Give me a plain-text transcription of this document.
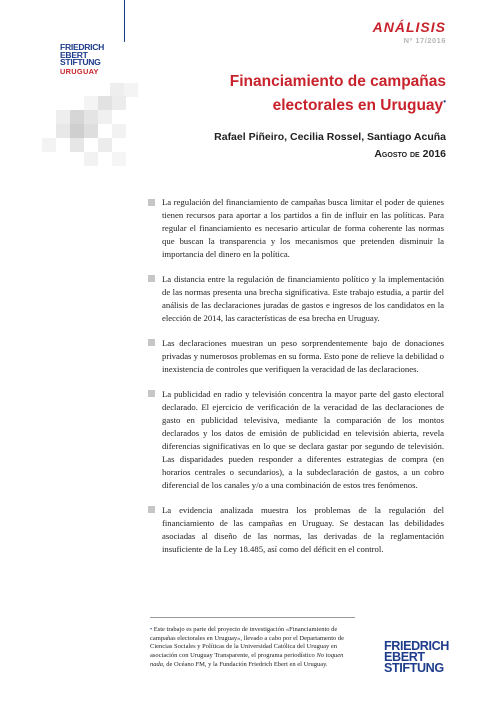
FRIEDRICH
EBERT
STIFTUNG
URUGUAY
ANÁLISIS
Nº 17/2016
Financiamiento de campañas
electorales en Uruguay•
Rafael Piñeiro, Cecilia Rossel, Santiago Acuña
Agosto de 2016
La regulación del financiamiento de campañas busca limitar el poder de quienes tienen recursos para aportar a los partidos a fin de influir en las políticas. Para regular el financiamiento es necesario articular de forma coherente las normas que buscan la transparencia y los mecanismos que pretenden disminuir la importancia del dinero en la política.
La distancia entre la regulación de financiamiento político y la implementación de las normas presenta una brecha significativa. Este trabajo estudia, a partir del análisis de las declaraciones juradas de gastos e ingresos de los candidatos en la elección de 2014, las características de esa brecha en Uruguay.
Las declaraciones muestran un peso sorprendentemente bajo de donaciones privadas y numerosos problemas en su forma. Esto pone de relieve la debilidad o inexistencia de controles que verifiquen la veracidad de las declaraciones.
La publicidad en radio y televisión concentra la mayor parte del gasto electoral declarado. El ejercicio de verificación de la veracidad de las declaraciones de gasto en publicidad televisiva, mediante la comparación de los montos declarados y los datos de emisión de publicidad en televisión abierta, revela diferencias significativas en lo que se declara gastar por segundo de televisión. Las disparidades pueden responder a diferentes estrategias de compra (en horarios centrales o secundarios), a la subdeclaración de gastos, a un cobro diferencial de los canales y/o a una combinación de estos tres fenómenos.
La evidencia analizada muestra los problemas de la regulación del financiamiento de las campañas en Uruguay. Se destacan las debilidades asociadas al diseño de las normas, las derivadas de la reglamentación insuficiente de la Ley 18.485, así como del déficit en el control.

• Este trabajo es parte del proyecto de investigación «Financiamiento de campañas electorales en Uruguay», llevado a cabo por el Departamento de Ciencias Sociales y Políticas de la Universidad Católica del Uruguay en asociación con Uruguay Transparente, el programa periodístico No toquen nada, de Océano FM, y la Fundación Friedrich Ebert en el Uruguay.

FRIEDRICH
EBERT
STIFTUNG
